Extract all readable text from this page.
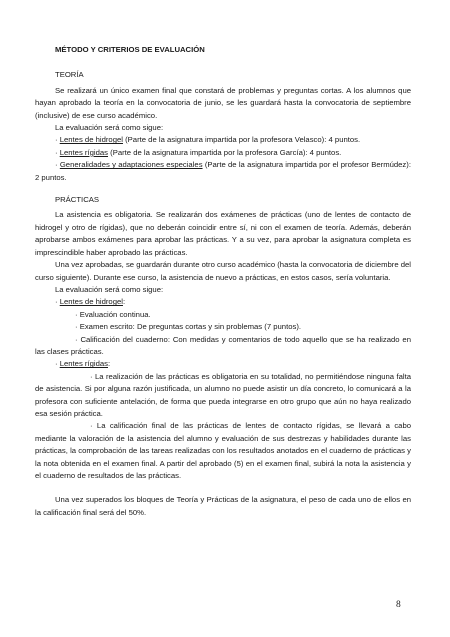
MÉTODO Y CRITERIOS DE EVALUACIÓN

TEORÍA

Se realizará un único examen final que constará de problemas y preguntas cortas. A los alumnos que hayan aprobado la teoría en la convocatoria de junio, se les guardará hasta la convocatoria de septiembre (inclusive) de ese curso académico.

La evaluación será como sigue:

· Lentes de hidrogel (Parte de la asignatura impartida por la profesora Velasco): 4 puntos.

· Lentes rígidas (Parte de la asignatura impartida por la profesora García): 4 puntos.

· Generalidades y adaptaciones especiales (Parte de la asignatura impartida por el profesor Bermúdez): 2 puntos.

PRÁCTICAS

La asistencia es obligatoria. Se realizarán dos exámenes de prácticas (uno de lentes de contacto de hidrogel y otro de rígidas), que no deberán coincidir entre sí, ni con el examen de teoría. Además, deberán aprobarse ambos exámenes para aprobar las prácticas. Y a su vez, para aprobar la asignatura completa es imprescindible haber aprobado las prácticas.

Una vez aprobadas, se guardarán durante otro curso académico (hasta la convocatoria de diciembre del curso siguiente). Durante ese curso, la asistencia de nuevo a prácticas, en estos casos, sería voluntaria.

La evaluación será como sigue:

· Lentes de hidrogel:

· Evaluación continua.

· Examen escrito: De preguntas cortas y sin problemas (7 puntos).

· Calificación del cuaderno: Con medidas y comentarios de todo aquello que se ha realizado en las clases prácticas.

· Lentes rígidas:

· La realización de las prácticas es obligatoria en su totalidad, no permitiéndose ninguna falta de asistencia. Si por alguna razón justificada, un alumno no puede asistir un día concreto, lo comunicará a la profesora con suficiente antelación, de forma que pueda integrarse en otro grupo que aún no haya realizado esa sesión práctica.

· La calificación final de las prácticas de lentes de contacto rígidas, se llevará a cabo mediante la valoración de la asistencia del alumno y evaluación de sus destrezas y habilidades durante las prácticas, la comprobación de las tareas realizadas con los resultados anotados en el cuaderno de prácticas y la nota obtenida en el examen final. A partir del aprobado (5) en el examen final, subirá la nota la asistencia y el cuaderno de resultados de las prácticas.

Una vez superados los bloques de Teoría y Prácticas de la asignatura, el peso de cada uno de ellos en la calificación final será del 50%.

8
